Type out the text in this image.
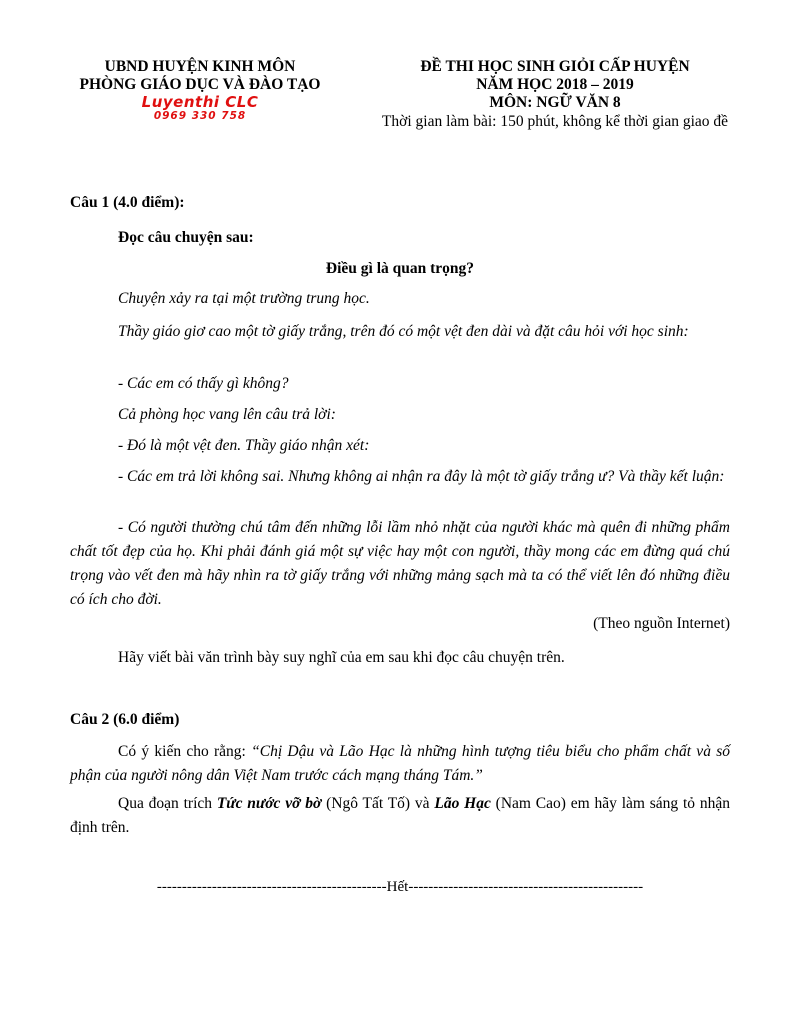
UBND HUYỆN KINH MÔN
PHÒNG GIÁO DỤC VÀ ĐÀO TẠO
Luyenthi CLC
0969 330 758
ĐỀ THI HỌC SINH GIỎI CẤP HUYỆN
NĂM HỌC 2018 – 2019
MÔN: NGỮ VĂN 8
Thời gian làm bài: 150 phút, không kể thời gian giao đề
Câu 1 (4.0 điểm):
Đọc câu chuyện sau:
Điều gì là quan trọng?
Chuyện xảy ra tại một trường trung học.
Thầy giáo giơ cao một tờ giấy trắng, trên đó có một vệt đen dài và đặt câu hỏi với học sinh:
- Các em có thấy gì không?
Cả phòng học vang lên câu trả lời:
- Đó là một vệt đen. Thầy giáo nhận xét:
- Các em trả lời không sai. Nhưng không ai nhận ra đây là một tờ giấy trắng ư? Và thầy kết luận:
- Có người thường chú tâm đến những lỗi lầm nhỏ nhặt của người khác mà quên đi những phẩm chất tốt đẹp của họ. Khi phải đánh giá một sự việc hay một con người, thầy mong các em đừng quá chú trọng vào vết đen mà hãy nhìn ra tờ giấy trắng với những mảng sạch mà ta có thể viết lên đó những điều có ích cho đời.
(Theo nguồn Internet)
Hãy viết bài văn trình bày suy nghĩ của em sau khi đọc câu chuyện trên.
Câu 2 (6.0 điểm)
Có ý kiến cho rằng: “Chị Dậu và Lão Hạc là những hình tượng tiêu biểu cho phẩm chất và số phận của người nông dân Việt Nam trước cách mạng tháng Tám.”
Qua đoạn trích Tức nước vỡ bờ (Ngô Tất Tố) và Lão Hạc (Nam Cao) em hãy làm sáng tỏ nhận định trên.
----------------------------------------------Hết-----------------------------------------------
